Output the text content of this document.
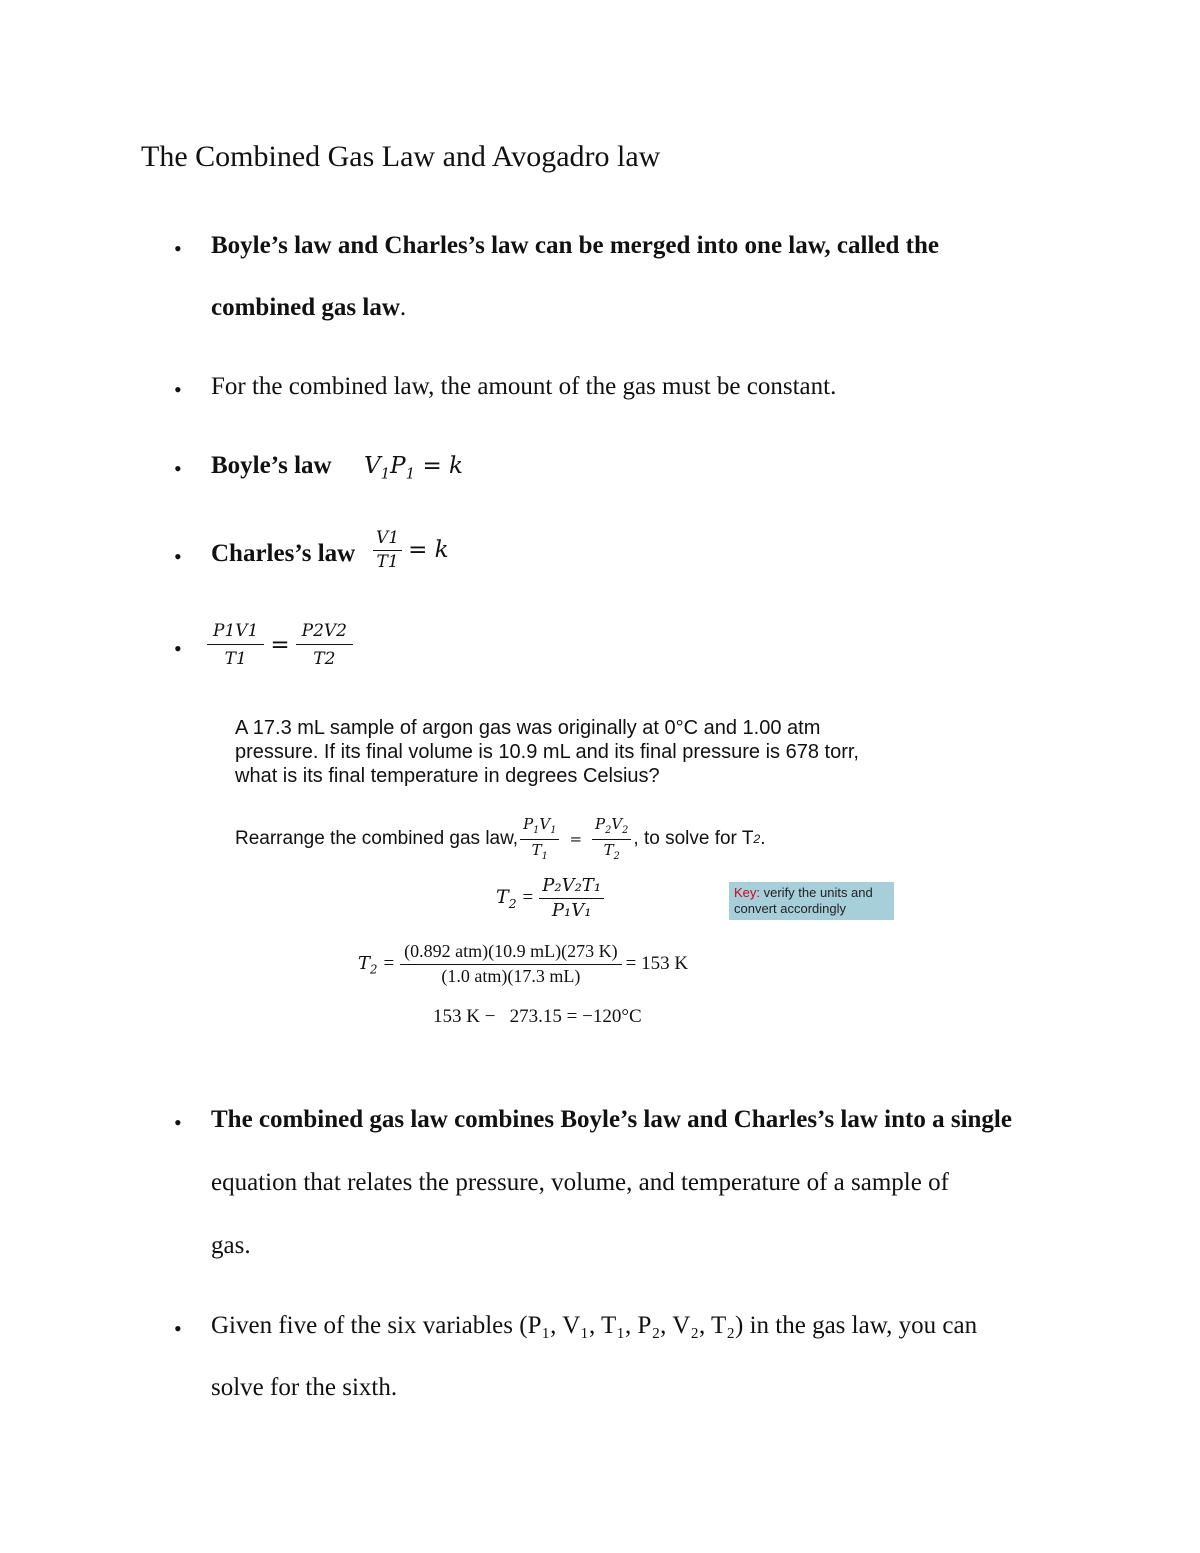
The Combined Gas Law and Avogadro law
• Boyle’s law and Charles’s law can be merged into one law, called the
combined gas law.
• For the combined law, the amount of the gas must be constant.
• Boyle’s law $V_1P_1 = k$
• Charles’s law $\frac{V1}{T1} = k$
• $\frac{P1V1}{T1} = \frac{P2V2}{T2}$
A 17.3 mL sample of argon gas was originally at 0°C and 1.00 atm pressure. If its final volume is 10.9 mL and its final pressure is 678 torr, what is its final temperature in degrees Celsius?
Rearrange the combined gas law, $\frac{P_1V_1}{T_1} = \frac{P_2V_2}{T_2}$ , to solve for T 2 .
$T_2 = \frac{\text{P₂V₂T₁}}{\text{P₁V₁}}$	Key: verify the units and convert accordingly
$T_2 = \frac{\text{(0.892 atm)(10.9 mL)(273 K)}}{\text{(1.0 atm)(17.3 mL)}} = 153$ K
153 K −   273.15 = −120°C
• The combined gas law combines Boyle’s law and Charles’s law into a single
equation that relates the pressure, volume, and temperature of a sample of
gas.
• Given five of the six variables (P₁, V₁, T₁, P₂, V₂, T₂) in the gas law, you can
solve for the sixth.
